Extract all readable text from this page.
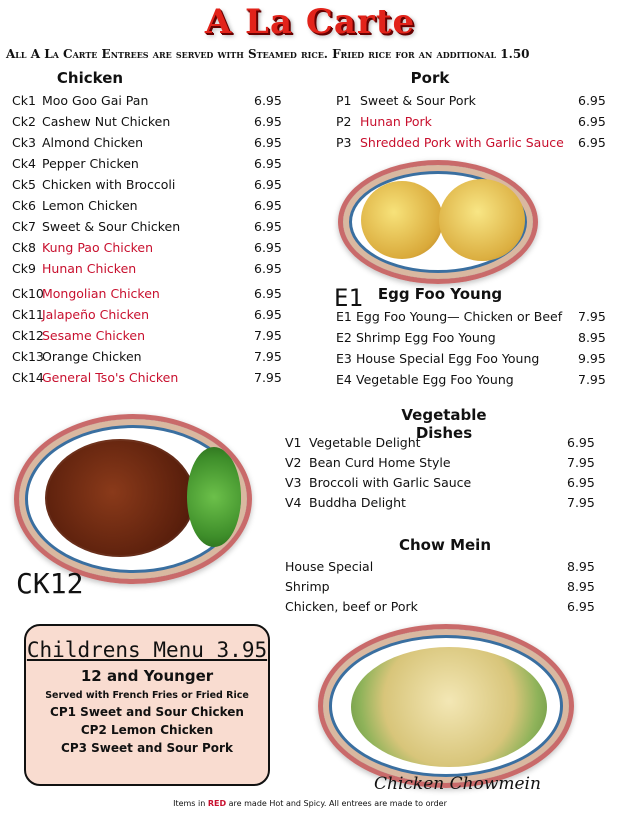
A La Carte
All A La Carte Entrees are served with Steamed rice. Fried rice for an additional 1.50
Chicken
Ck1 Moo Goo Gai Pan	6.95
Ck2 Cashew Nut Chicken	6.95
Ck3 Almond Chicken	6.95
Ck4 Pepper Chicken	6.95
Ck5 Chicken with Broccoli	6.95
Ck6 Lemon Chicken	6.95
Ck7 Sweet & Sour Chicken	6.95
Ck8 Kung Pao Chicken	6.95
Ck9 Hunan Chicken	6.95
Ck10Mongolian Chicken	6.95
Ck11Jalapeño Chicken	6.95
Ck12Sesame Chicken	7.95
Ck13Orange Chicken	7.95
Ck14General Tso's Chicken	7.95
Pork
P1 Sweet & Sour Pork	6.95
P2 Hunan Pork	6.95
P3 Shredded Pork with Garlic Sauce 6.95
E1 Egg Foo Young
E1 Egg Foo Young— Chicken or Beef 7.95
E2 Shrimp Egg Foo Young	8.95
E3 House Special Egg Foo Young	9.95
E4 Vegetable Egg Foo Young	7.95
CK12
Vegetable Dishes
V1 Vegetable Delight	6.95
V2 Bean Curd Home Style	7.95
V3 Broccoli with Garlic Sauce	6.95
V4 Buddha Delight	7.95
Chow Mein
House Special	8.95
Shrimp	8.95
Chicken, beef or Pork	6.95
Chicken Chowmein
Childrens Menu 3.95
12 and Younger
Served with French Fries or Fried Rice
CP1 Sweet and Sour Chicken
CP2 Lemon Chicken
CP3 Sweet and Sour Pork
Items in RED are made Hot and Spicy. All entrees are made to order
